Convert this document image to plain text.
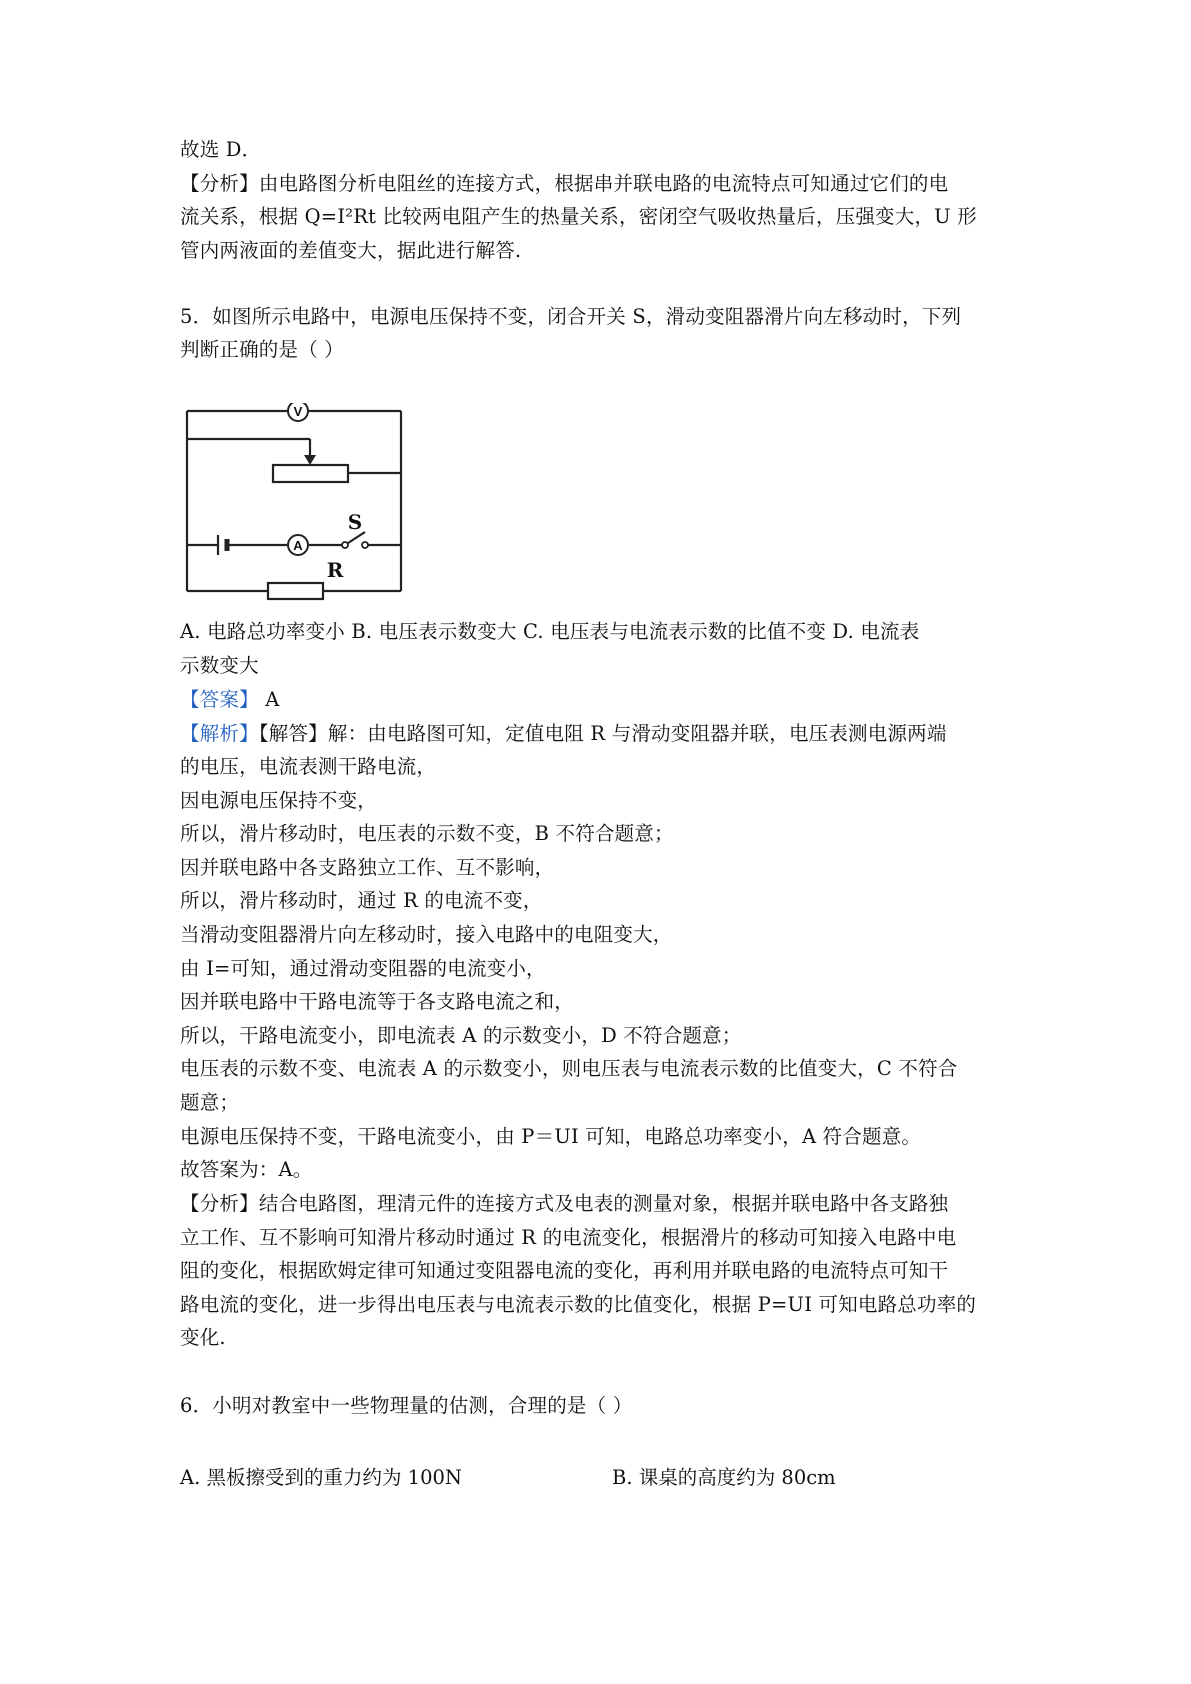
故选 D．
【分析】由电路图分析电阻丝的连接方式，根据串并联电路的电流特点可知通过它们的电
流关系，根据 Q=I²Rt 比较两电阻产生的热量关系，密闭空气吸收热量后，压强变大，U 形
管内两液面的差值变大，据此进行解答.
5．如图所示电路中，电源电压保持不变，闭合开关 S，滑动变阻器滑片向左移动时，下列
判断正确的是（ ）
V
A
S
R
A. 电路总功率变小 B. 电压表示数变大 C. 电压表与电流表示数的比值不变 D. 电流表
示数变大
【答案】 A
【解析】【解答】解：由电路图可知，定值电阻 R 与滑动变阻器并联，电压表测电源两端
的电压，电流表测干路电流，
因电源电压保持不变，
所以，滑片移动时，电压表的示数不变，B 不符合题意；
因并联电路中各支路独立工作、互不影响，
所以，滑片移动时，通过 R 的电流不变，
当滑动变阻器滑片向左移动时，接入电路中的电阻变大，
由 I=可知，通过滑动变阻器的电流变小，
因并联电路中干路电流等于各支路电流之和，
所以，干路电流变小，即电流表 A 的示数变小，D 不符合题意；
电压表的示数不变、电流表 A 的示数变小，则电压表与电流表示数的比值变大，C 不符合
题意；
电源电压保持不变，干路电流变小，由 P＝UI 可知，电路总功率变小，A 符合题意。
故答案为：A。
【分析】结合电路图，理清元件的连接方式及电表的测量对象，根据并联电路中各支路独
立工作、互不影响可知滑片移动时通过 R 的电流变化，根据滑片的移动可知接入电路中电
阻的变化，根据欧姆定律可知通过变阻器电流的变化，再利用并联电路的电流特点可知干
路电流的变化，进一步得出电压表与电流表示数的比值变化，根据 P=UI 可知电路总功率的
变化.
6．小明对教室中一些物理量的估测，合理的是（ ）
A. 黑板擦受到的重力约为 100N	B. 课桌的高度约为 80cm
